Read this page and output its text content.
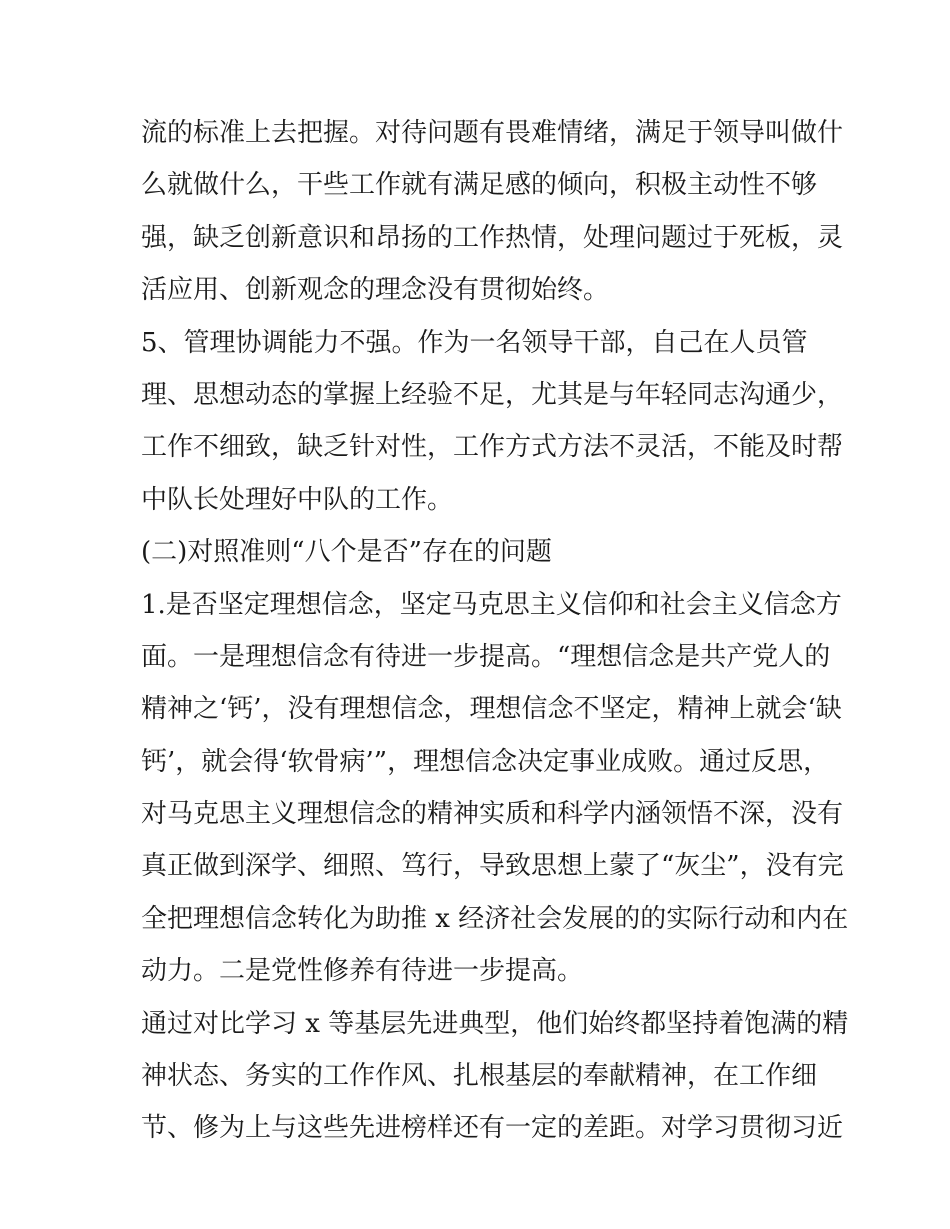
流的标准上去把握。对待问题有畏难情绪，满足于领导叫做什
么就做什么，干些工作就有满足感的倾向，积极主动性不够
强，缺乏创新意识和昂扬的工作热情，处理问题过于死板，灵
活应用、创新观念的理念没有贯彻始终。
5、管理协调能力不强。作为一名领导干部，自己在人员管
理、思想动态的掌握上经验不足，尤其是与年轻同志沟通少，
工作不细致，缺乏针对性，工作方式方法不灵活，不能及时帮
中队长处理好中队的工作。
(二)对照准则“八个是否”存在的问题
1.是否坚定理想信念，坚定马克思主义信仰和社会主义信念方
面。一是理想信念有待进一步提高。“理想信念是共产党人的
精神之‘钙’，没有理想信念，理想信念不坚定，精神上就会‘缺
钙’，就会得‘软骨病’”，理想信念决定事业成败。通过反思，
对马克思主义理想信念的精神实质和科学内涵领悟不深，没有
真正做到深学、细照、笃行，导致思想上蒙了“灰尘”，没有完
全把理想信念转化为助推 x 经济社会发展的的实际行动和内在
动力。二是党性修养有待进一步提高。
通过对比学习 x 等基层先进典型，他们始终都坚持着饱满的精
神状态、务实的工作作风、扎根基层的奉献精神，在工作细
节、修为上与这些先进榜样还有一定的差距。对学习贯彻习近
